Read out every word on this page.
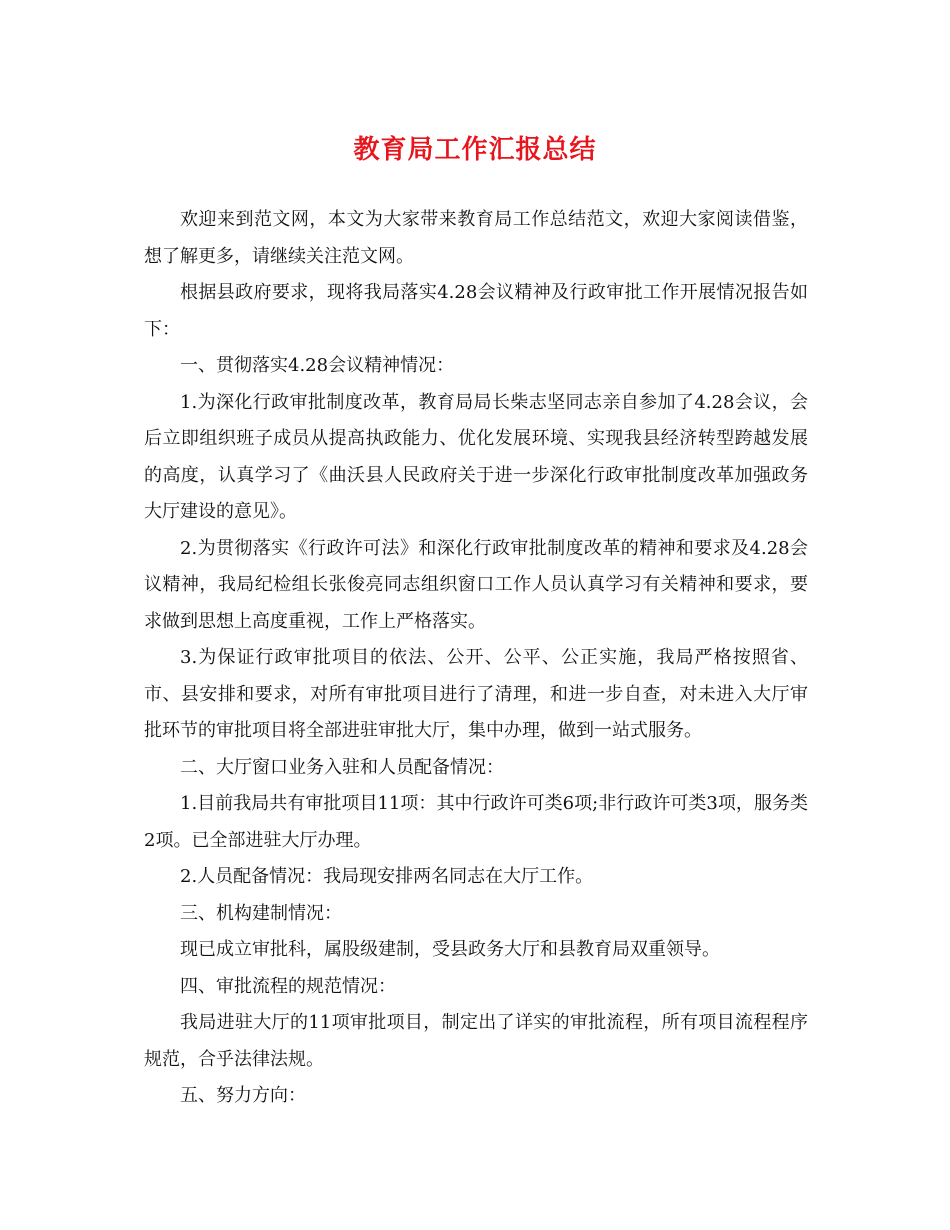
教育局工作汇报总结

欢迎来到范文网，本文为大家带来教育局工作总结范文，欢迎大家阅读借鉴，想了解更多，请继续关注范文网。

根据县政府要求，现将我局落实4.28会议精神及行政审批工作开展情况报告如下：

一、贯彻落实4.28会议精神情况：

1.为深化行政审批制度改革，教育局局长柴志坚同志亲自参加了4.28会议，会后立即组织班子成员从提高执政能力、优化发展环境、实现我县经济转型跨越发展的高度，认真学习了《曲沃县人民政府关于进一步深化行政审批制度改革加强政务大厅建设的意见》。

2.为贯彻落实《行政许可法》和深化行政审批制度改革的精神和要求及4.28会议精神，我局纪检组长张俊亮同志组织窗口工作人员认真学习有关精神和要求，要求做到思想上高度重视，工作上严格落实。

3.为保证行政审批项目的依法、公开、公平、公正实施，我局严格按照省、市、县安排和要求，对所有审批项目进行了清理，和进一步自查，对未进入大厅审批环节的审批项目将全部进驻审批大厅，集中办理，做到一站式服务。

二、大厅窗口业务入驻和人员配备情况：

1.目前我局共有审批项目11项：其中行政许可类6项;非行政许可类3项，服务类2项。已全部进驻大厅办理。

2.人员配备情况：我局现安排两名同志在大厅工作。

三、机构建制情况：

现已成立审批科，属股级建制，受县政务大厅和县教育局双重领导。

四、审批流程的规范情况：

我局进驻大厅的11项审批项目，制定出了详实的审批流程，所有项目流程程序规范，合乎法律法规。

五、努力方向：
